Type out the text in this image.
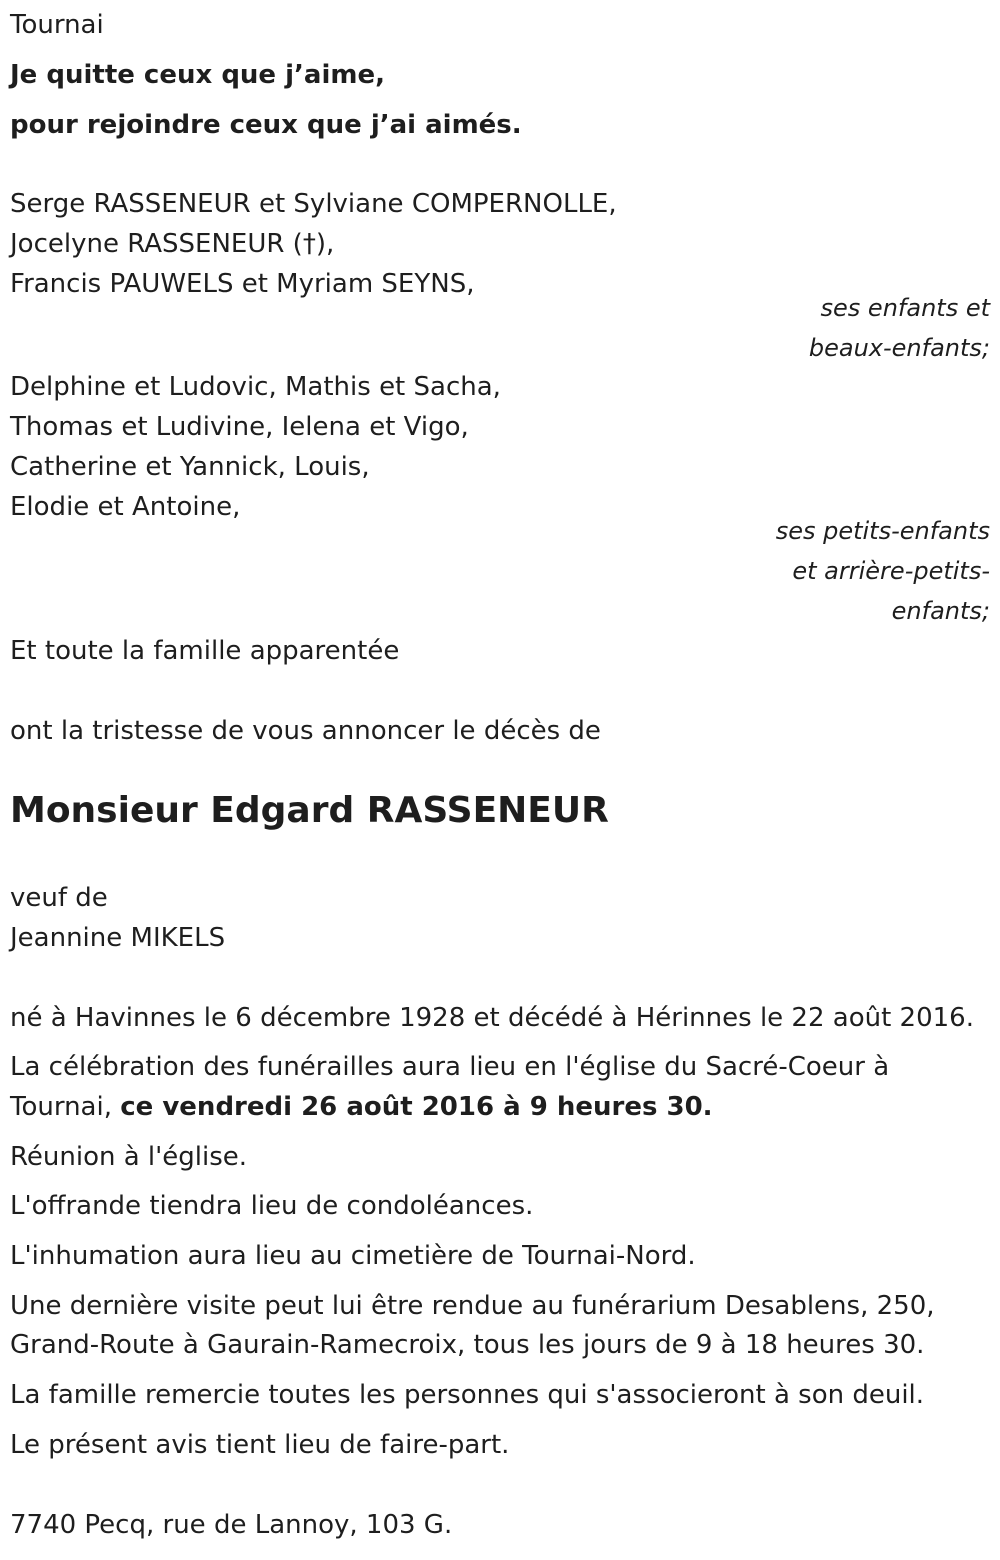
Tournai
Je quitte ceux que j’aime,
pour rejoindre ceux que j’ai aimés.
Serge RASSENEUR et Sylviane COMPERNOLLE,
Jocelyne RASSENEUR (†),
Francis PAUWELS et Myriam SEYNS,
ses enfants et
beaux-enfants;
Delphine et Ludovic, Mathis et Sacha,
Thomas et Ludivine, Ielena et Vigo,
Catherine et Yannick, Louis,
Elodie et Antoine,
ses petits-enfants
et arrière-petits-
enfants;
Et toute la famille apparentée
ont la tristesse de vous annoncer le décès de
Monsieur Edgard RASSENEUR
veuf de
Jeannine MIKELS
né à Havinnes le 6 décembre 1928 et décédé à Hérinnes le 22 août 2016.
La célébration des funérailles aura lieu en l'église du Sacré-Coeur à
Tournai, ce vendredi 26 août 2016 à 9 heures 30.
Réunion à l'église.
L'offrande tiendra lieu de condoléances.
L'inhumation aura lieu au cimetière de Tournai-Nord.
Une dernière visite peut lui être rendue au funérarium Desablens, 250,
Grand-Route à Gaurain-Ramecroix, tous les jours de 9 à 18 heures 30.
La famille remercie toutes les personnes qui s'associeront à son deuil.
Le présent avis tient lieu de faire-part.
7740 Pecq, rue de Lannoy, 103 G.
